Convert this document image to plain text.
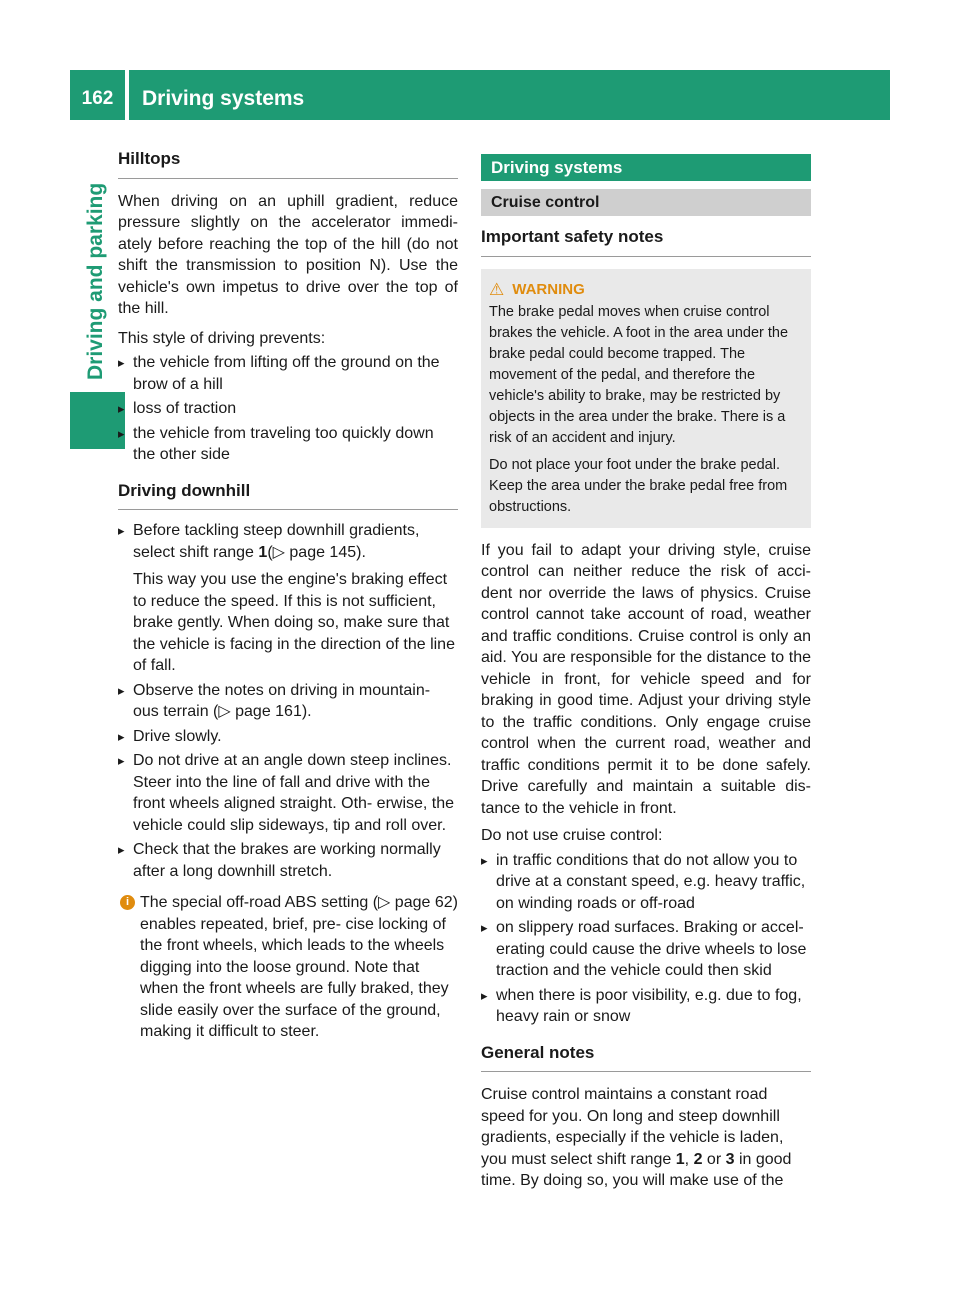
162	Driving systems
Driving and parking
Hilltops

When driving on an uphill gradient, reduce pressure slightly on the accelerator immedi- ately before reaching the top of the hill (do not shift the transmission to position N). Use the vehicle's own impetus to drive over the top of the hill.

This style of driving prevents:

▸ the vehicle from lifting off the ground on the brow of a hill
▸ loss of traction
▸ the vehicle from traveling too quickly down the other side
Driving downhill
▸ Before tackling steep downhill gradients, select shift range 1(▷ page 145).
This way you use the engine's braking effect to reduce the speed. If this is not sufficient, brake gently. When doing so, make sure that the vehicle is facing in the direction of the line of fall.
▸ Observe the notes on driving in mountain- ous terrain (▷ page 161).
▸ Drive slowly.
▸ Do not drive at an angle down steep inclines. Steer into the line of fall and drive with the front wheels aligned straight. Oth- erwise, the vehicle could slip sideways, tip and roll over.
▸ Check that the brakes are working normally after a long downhill stretch.
i The special off-road ABS setting (▷ page 62) enables repeated, brief, pre- cise locking of the front wheels, which leads to the wheels digging into the loose ground. Note that when the front wheels are fully braked, they slide easily over the surface of the ground, making it difficult to steer.
Driving systems
Cruise control
Important safety notes
⚠ WARNING

The brake pedal moves when cruise control brakes the vehicle. A foot in the area under the brake pedal could become trapped. The movement of the pedal, and therefore the vehicle's ability to brake, may be restricted by objects in the area under the brake. There is a risk of an accident and injury.

Do not place your foot under the brake pedal. Keep the area under the brake pedal free from obstructions.

If you fail to adapt your driving style, cruise control can neither reduce the risk of acci- dent nor override the laws of physics. Cruise control cannot take account of road, weather and traffic conditions. Cruise control is only an aid. You are responsible for the distance to the vehicle in front, for vehicle speed and for braking in good time. Adjust your driving style to the traffic conditions. Only engage cruise control when the current road, weather and traffic conditions permit it to be done safely. Drive carefully and maintain a suitable dis- tance to the vehicle in front.

Do not use cruise control:

▸ in traffic conditions that do not allow you to drive at a constant speed, e.g. heavy traffic, on winding roads or off-road
▸ on slippery road surfaces. Braking or accel- erating could cause the drive wheels to lose traction and the vehicle could then skid
▸ when there is poor visibility, e.g. due to fog, heavy rain or snow
General notes

Cruise control maintains a constant road speed for you. On long and steep downhill gradients, especially if the vehicle is laden, you must select shift range 1, 2 or 3 in good time. By doing so, you will make use of the
